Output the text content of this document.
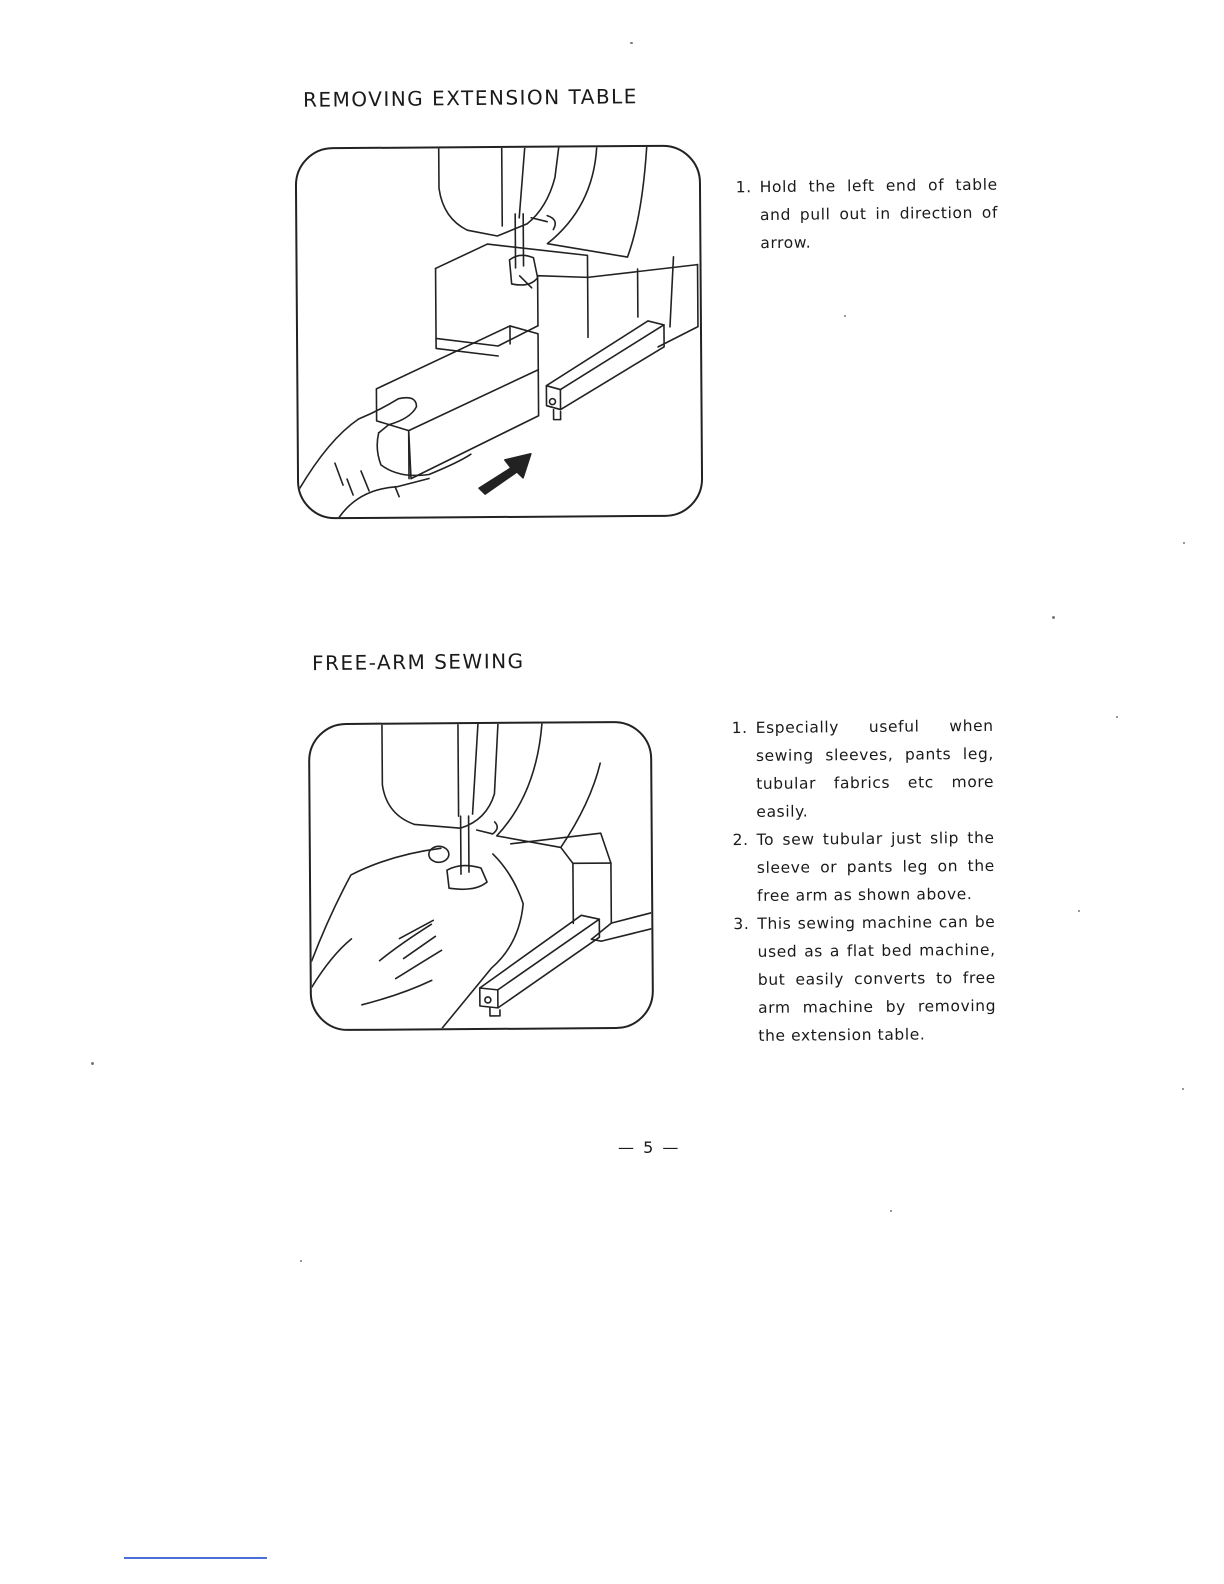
REMOVING EXTENSION TABLE
1. Hold the left end of table and pull out in direction of arrow.
FREE-ARM SEWING
1. Especially useful when sewing sleeves, pants leg, tubular fabrics etc more easily.
2. To sew tubular just slip the sleeve or pants leg on the free arm as shown above.
3. This sewing machine can be used as a flat bed machine, but easily converts to free arm machine by removing the extension table.
— 5 —
